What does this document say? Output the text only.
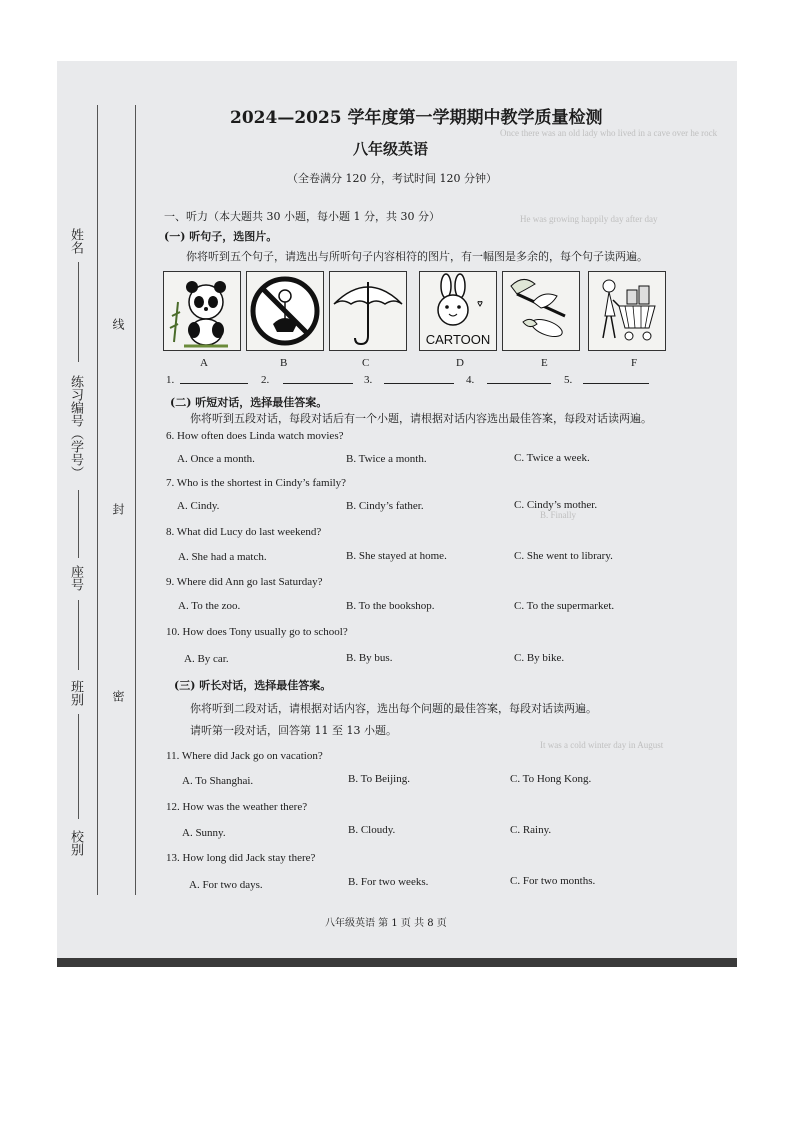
Once there was an old lady who lived in a cave over he rock
He was growing happily day after day
B. Finally
It was a cold winter day in August
姓名
练习编号（学号）
座号
班别
校别
线
封
密
2024—2025 学年度第一学期期中教学质量检测
八年级英语
（全卷满分 120 分，考试时间 120 分钟）
一、听力（本大题共 30 小题，每小题 1 分，共 30 分）
(一) 听句子，选图片。
你将听到五个句子，请选出与所听句子内容相符的图片，有一幅图是多余的，每个句子读两遍。
CARTOON
A	B	C	D	E	F
1.	2.	3.	4.	5.
(二) 听短对话，选择最佳答案。
你将听到五段对话，每段对话后有一个小题，请根据对话内容选出最佳答案，每段对话读两遍。
6. How often does Linda watch movies?
A. Once a month.	B. Twice a month.	C. Twice a week.
7. Who is the shortest in Cindy’s family?
A. Cindy.	B. Cindy’s father.	C. Cindy’s mother.
8. What did Lucy do last weekend?
A. She had a match.	B. She stayed at home.	C. She went to library.
9. Where did Ann go last Saturday?
A. To the zoo.	B. To the bookshop.	C. To the supermarket.
10. How does Tony usually go to school?
A. By car.	B. By bus.	C. By bike.
(三) 听长对话，选择最佳答案。
你将听到二段对话，请根据对话内容，选出每个问题的最佳答案，每段对话读两遍。
请听第一段对话，回答第 11 至 13 小题。
11. Where did Jack go on vacation?
A. To Shanghai.	B. To Beijing.	C. To Hong Kong.
12. How was the weather there?
A. Sunny.	B. Cloudy.	C. Rainy.
13. How long did Jack stay there?
A. For two days.	B. For two weeks.	C. For two months.
八年级英语 第 1 页 共 8 页
